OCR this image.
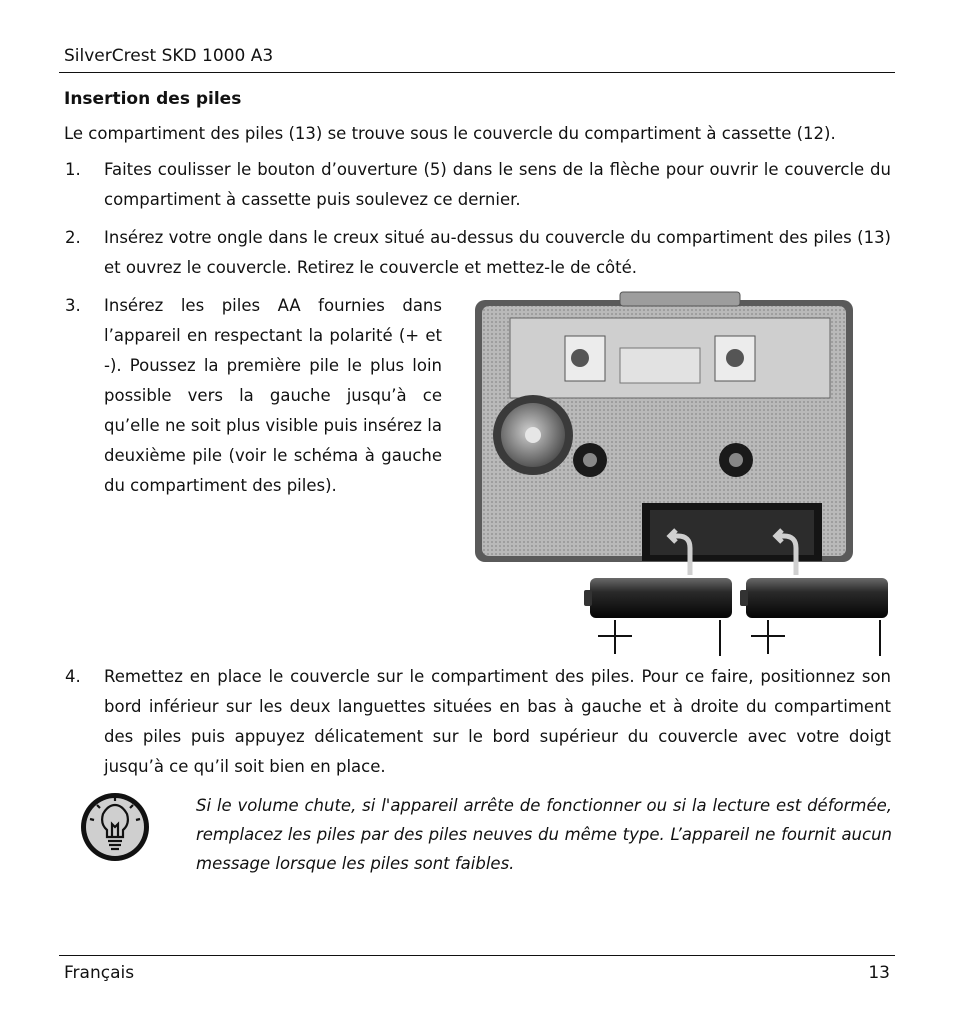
SilverCrest SKD 1000 A3
Insertion des piles
Le compartiment des piles (13) se trouve sous le couvercle du compartiment à cassette (12).
1. Faites coulisser le bouton d’ouverture (5) dans le sens de la flèche pour ouvrir le couvercle du compartiment à cassette puis soulevez ce dernier.
2. Insérez votre ongle dans le creux situé au-dessus du couvercle du compartiment des piles (13) et ouvrez le couvercle. Retirez le couvercle et mettez-le de côté.
3. Insérez les piles AA fournies dans l’appareil en respectant la polarité (+ et -). Poussez la première pile le plus loin possible vers la gauche jusqu’à ce qu’elle ne soit plus visible puis insérez la deuxième pile (voir le schéma à gauche du compartiment des piles).
4. Remettez en place le couvercle sur le compartiment des piles. Pour ce faire, positionnez son bord inférieur sur les deux languettes situées en bas à gauche et à droite du compartiment des piles puis appuyez délicatement sur le bord supérieur du couvercle avec votre doigt jusqu’à ce qu’il soit bien en place.
Si le volume chute, si l'appareil arrête de fonctionner ou si la lecture est déformée, remplacez les piles par des piles neuves du même type. L’appareil ne fournit aucun message lorsque les piles sont faibles.
Français	13
